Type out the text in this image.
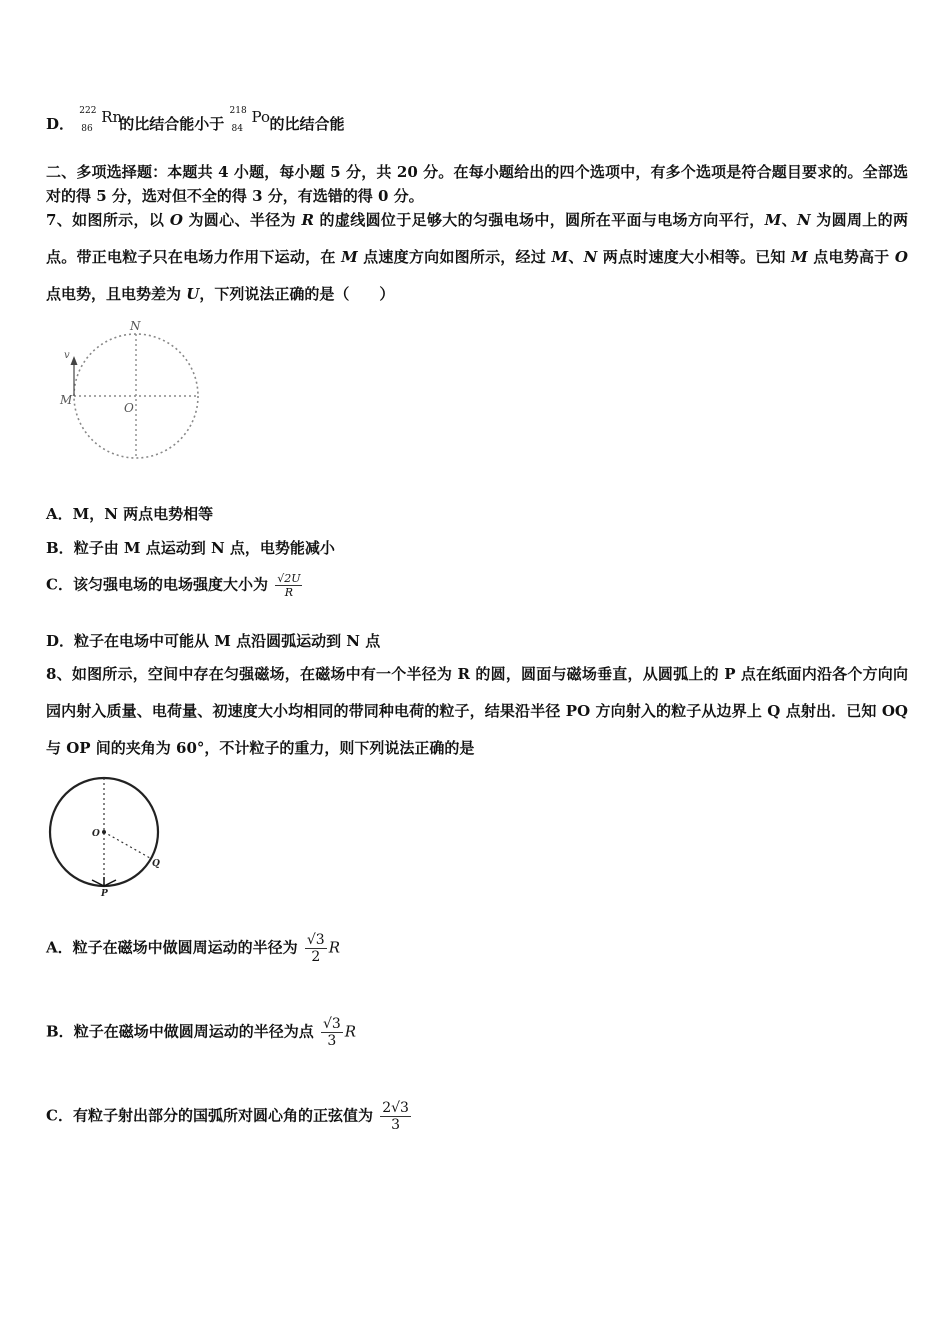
D．
222
86
Rn
的比结合能小于
218
84
Po 的比结合能
二、多项选择题：本题共 4 小题，每小题 5 分，共 20 分。在每小题给出的四个选项中，有多个选项是符合题目要求的。全部选对的得 5 分，选对但不全的得 3 分，有选错的得 0 分。
7、如图所示，以 O 为圆心、半径为 R 的虚线圆位于足够大的匀强电场中，圆所在平面与电场方向平行，M、N 为圆周上的两点。带正电粒子只在电场力作用下运动，在 M 点速度方向如图所示，经过 M、N 两点时速度大小相等。已知 M 点电势高于 O 点电势，且电势差为 U，下列说法正确的是（　　）
N
M
O
v
A．M，N 两点电势相等
B．粒子由 M 点运动到 N 点，电势能减小
C．该匀强电场的电场强度大小为 $\frac{√2U}{R}$
D．粒子在电场中可能从 M 点沿圆弧运动到 N 点
8、如图所示，空间中存在匀强磁场，在磁场中有一个半径为 R 的圆，圆面与磁场垂直，从圆弧上的 P 点在纸面内沿各个方向向园内射入质量、电荷量、初速度大小均相同的带同种电荷的粒子，结果沿半径 PO 方向射入的粒子从边界上 Q 点射出．已知 OQ 与 OP 间的夹角为 60°，不计粒子的重力，则下列说法正确的是
O
Q
P
A．粒子在磁场中做圆周运动的半径为 $\frac{√3}{2}$ R
B．粒子在磁场中做圆周运动的半径为点 $\frac{√3}{3}$ R
C．有粒子射出部分的国弧所对圆心角的正弦值为 $\frac{2√3}{3}$
